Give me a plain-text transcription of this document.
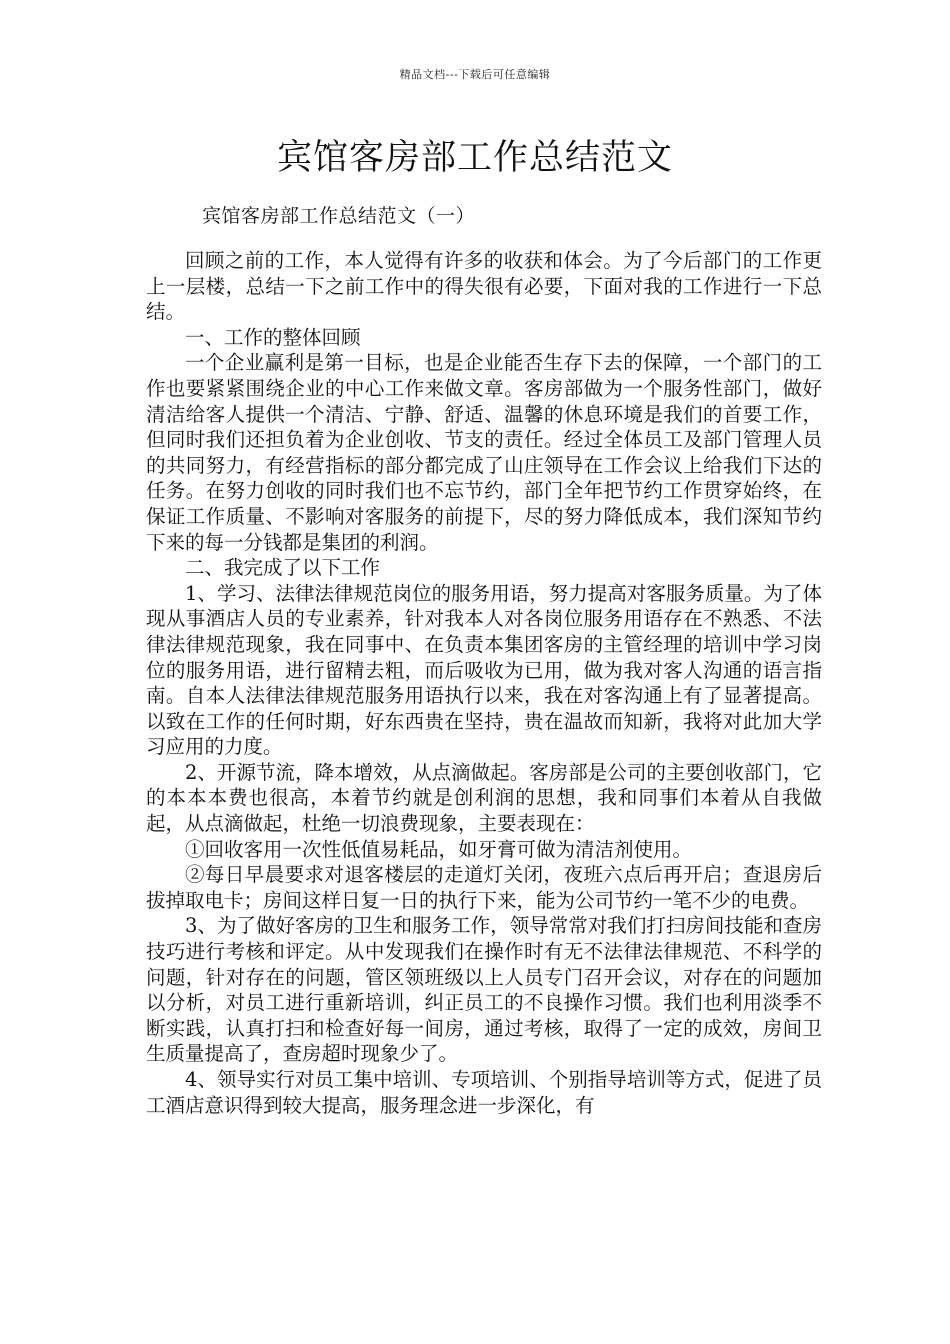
精品文档---下载后可任意编辑
宾馆客房部工作总结范文
宾馆客房部工作总结范文（一）

回顾之前的工作，本人觉得有许多的收获和体会。为了今后部门的工作更上一层楼，总结一下之前工作中的得失很有必要，下面对我的工作进行一下总结。

一、工作的整体回顾

一个企业赢利是第一目标，也是企业能否生存下去的保障，一个部门的工作也要紧紧围绕企业的中心工作来做文章。客房部做为一个服务性部门，做好清洁给客人提供一个清洁、宁静、舒适、温馨的休息环境是我们的首要工作，但同时我们还担负着为企业创收、节支的责任。经过全体员工及部门管理人员的共同努力，有经营指标的部分都完成了山庄领导在工作会议上给我们下达的任务。在努力创收的同时我们也不忘节约，部门全年把节约工作贯穿始终，在保证工作质量、不影响对客服务的前提下，尽的努力降低成本，我们深知节约下来的每一分钱都是集团的利润。

二、我完成了以下工作

1、学习、法律法律规范岗位的服务用语，努力提高对客服务质量。为了体现从事酒店人员的专业素养，针对我本人对各岗位服务用语存在不熟悉、不法律法律规范现象，我在同事中、在负责本集团客房的主管经理的培训中学习岗位的服务用语，进行留精去粗，而后吸收为已用，做为我对客人沟通的语言指南。自本人法律法律规范服务用语执行以来，我在对客沟通上有了显著提高。以致在工作的任何时期，好东西贵在坚持，贵在温故而知新，我将对此加大学习应用的力度。

2、开源节流，降本增效，从点滴做起。客房部是公司的主要创收部门，它的本本本费也很高，本着节约就是创利润的思想，我和同事们本着从自我做起，从点滴做起，杜绝一切浪费现象，主要表现在：

①回收客用一次性低值易耗品，如牙膏可做为清洁剂使用。

②每日早晨要求对退客楼层的走道灯关闭，夜班六点后再开启；查退房后拔掉取电卡；房间这样日复一日的执行下来，能为公司节约一笔不少的电费。

3、为了做好客房的卫生和服务工作，领导常常对我们打扫房间技能和查房技巧进行考核和评定。从中发现我们在操作时有无不法律法律规范、不科学的问题，针对存在的问题，管区领班级以上人员专门召开会议，对存在的问题加以分析，对员工进行重新培训，纠正员工的不良操作习惯。我们也利用淡季不断实践，认真打扫和检查好每一间房，通过考核，取得了一定的成效，房间卫生质量提高了，查房超时现象少了。

4、领导实行对员工集中培训、专项培训、个别指导培训等方式，促进了员工酒店意识得到较大提高，服务理念进一步深化，有
